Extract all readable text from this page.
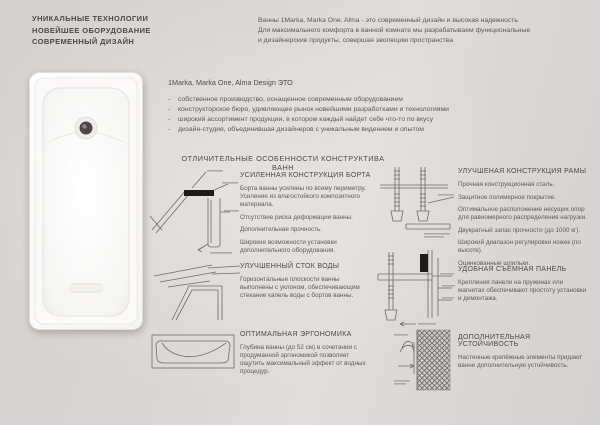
УНИКАЛЬНЫЕ ТЕХНОЛОГИИ
НОВЕЙШЕЕ ОБОРУДОВАНИЕ
СОВРЕМЕННЫЙ ДИЗАЙН
Ванны 1Marka, Marka One, Alma - это современный дизайн и высокая надежность
Для максимального комфорта в ванной комнате мы разрабатываем функциональные
и дизайнерские продукты, совершая эволюцию пространства
1Marka, Marka One, Alma Design ЭТО
-	собственное производство, оснащенное современным оборудованием
-	конструкторское бюро, удивляющее рынок новейшими разработками и технологиями
-	широкий ассортимент продукции, в котором каждый найдет себе что-то по вкусу
-	дизайн-студия, объединившая дизайнеров с уникальным видением и опытом
ОТЛИЧИТЕЛЬНЫЕ ОСОБЕННОСТИ КОНСТРУКТИВА ВАНН
УСИЛЕННАЯ КОНСТРУКЦИЯ БОРТА

Борта ванны усилены по всему периметру. Усиление из влагостойкого композитного материала.

Отсутствие риска деформации ванны.

Дополнительная прочность.

Широкие возможности установки дополнительного оборудования.

УЛУЧШЕННЫЙ СТОК ВОДЫ

Горизонтальные плоскости ванны выполнены с уклоном, обеспечивающим стекание капель воды с бортов ванны.

ОПТИМАЛЬНАЯ ЭРГОНОМИКА

Глубина ванны (до 52 см) в сочетании с продуманной эргономикой позволяет ощутить максимальный эффект от водных процедур.

УЛУЧШЕНАЯ КОНСТРУКЦИЯ РАМЫ

Прочная конструкционная сталь.

Защитное полимерное покрытие.

Оптимальное расположение несущих опор для равномерного распределения нагрузки.

Двукратный запас прочности (до 1000 кг).

Широкий диапазон регулировки ножек (по высоте).

Оцинкованные шпильки.

УДОБНАЯ СЪЁМНАЯ ПАНЕЛЬ

Крепления панели на пружинах или магнитах обеспечивают простоту установки и демонтажа.

ДОПОЛНИТЕЛЬНАЯ УСТОЙЧИВОСТЬ

Настенные крепёжные элементы придают ванне дополнительную устойчивость.
